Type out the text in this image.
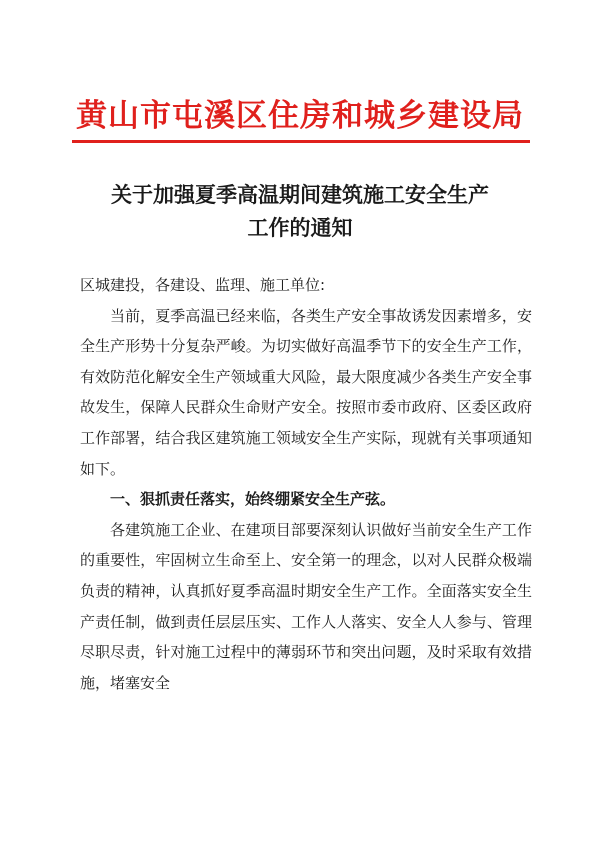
黄山市屯溪区住房和城乡建设局
关于加强夏季高温期间建筑施工安全生产
工作的通知

区城建投，各建设、监理、施工单位:

当前，夏季高温已经来临，各类生产安全事故诱发因素增多，安全生产形势十分复杂严峻。为切实做好高温季节下的安全生产工作，有效防范化解安全生产领域重大风险，最大限度减少各类生产安全事故发生，保障人民群众生命财产安全。按照市委市政府、区委区政府工作部署，结合我区建筑施工领域安全生产实际，现就有关事项通知如下。

一、狠抓责任落实，始终绷紧安全生产弦。

各建筑施工企业、在建项目部要深刻认识做好当前安全生产工作的重要性，牢固树立生命至上、安全第一的理念，以对人民群众极端负责的精神，认真抓好夏季高温时期安全生产工作。全面落实安全生产责任制，做到责任层层压实、工作人人落实、安全人人参与、管理尽职尽责，针对施工过程中的薄弱环节和突出问题，及时采取有效措施，堵塞安全
